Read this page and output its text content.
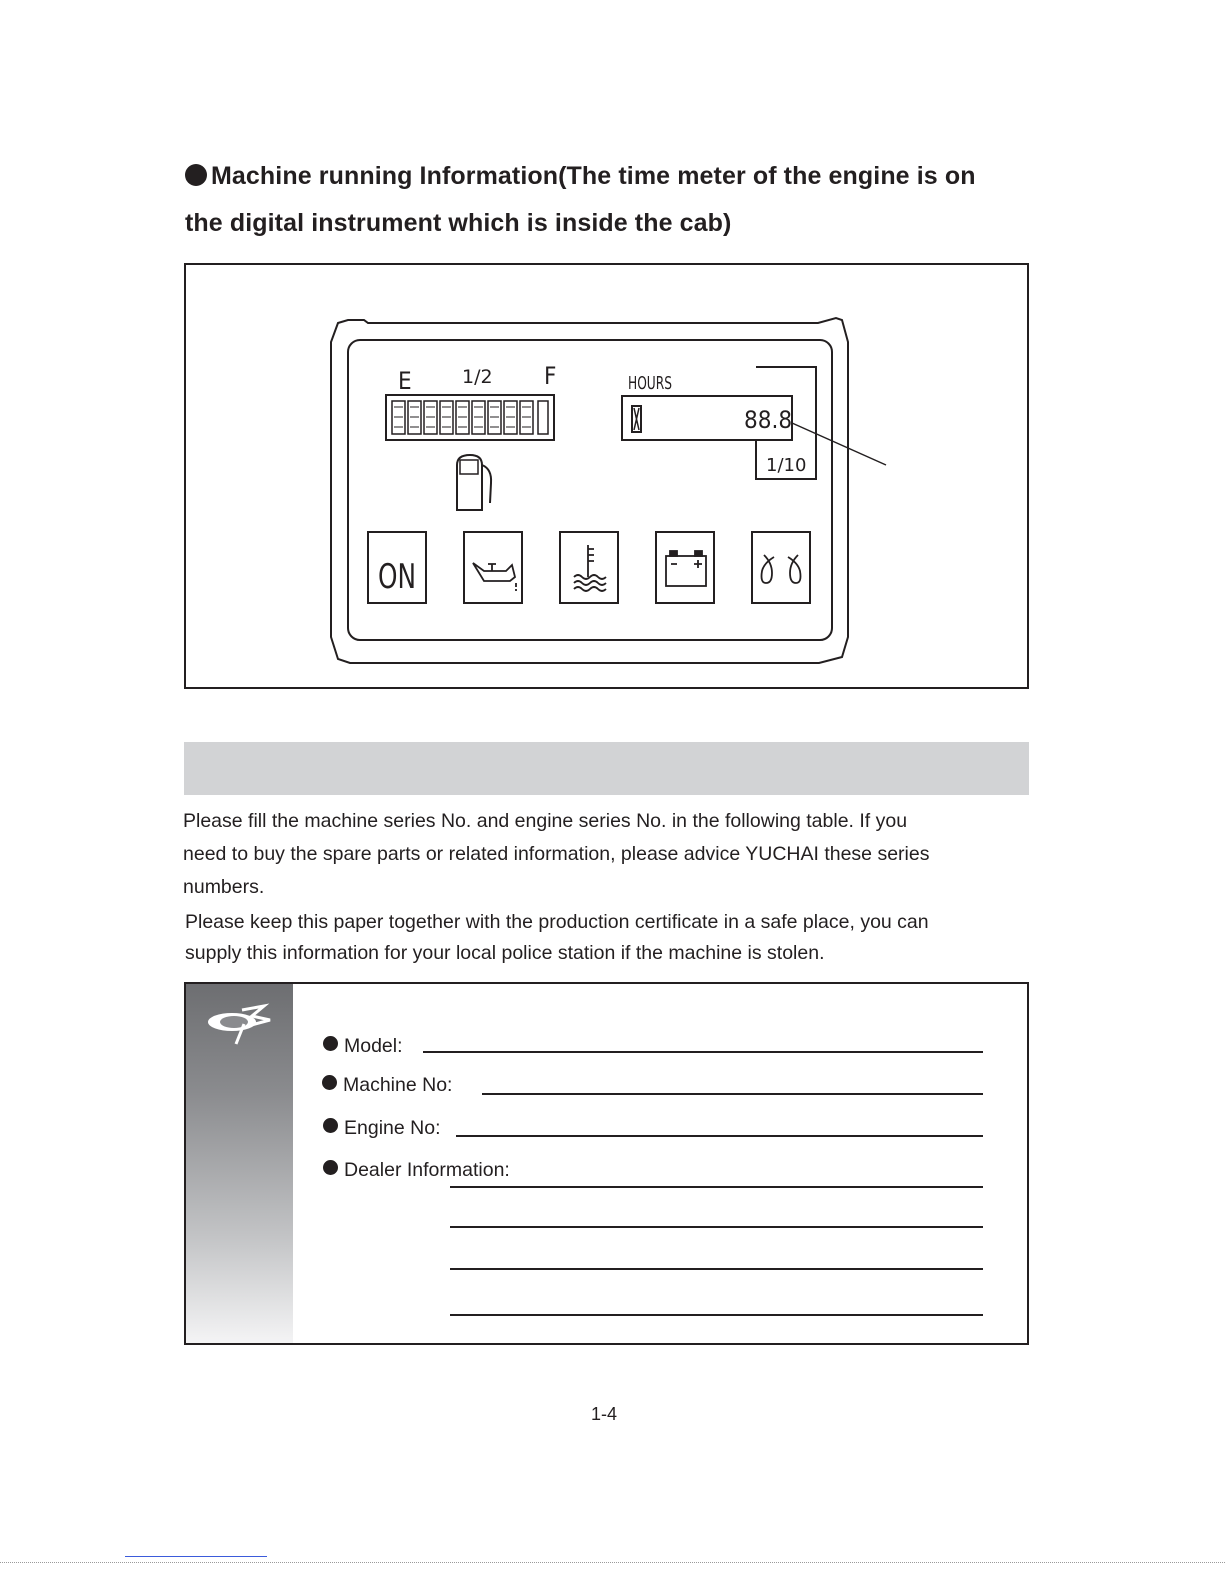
Machine running Information(The time meter of the engine is on
the digital instrument which is inside the cab)
E	1/2 F	HOURS
88.8
1/10
ON

Please fill the machine series No. and engine series No. in the following table. If you
need to buy the spare parts or related information, please advice YUCHAI these series
numbers.

Please keep this paper together with the production certificate in a safe place, you can
supply this information for your local police station if the machine is stolen.

Model:
Machine No:
Engine No:
Dealer Information:
1-4
